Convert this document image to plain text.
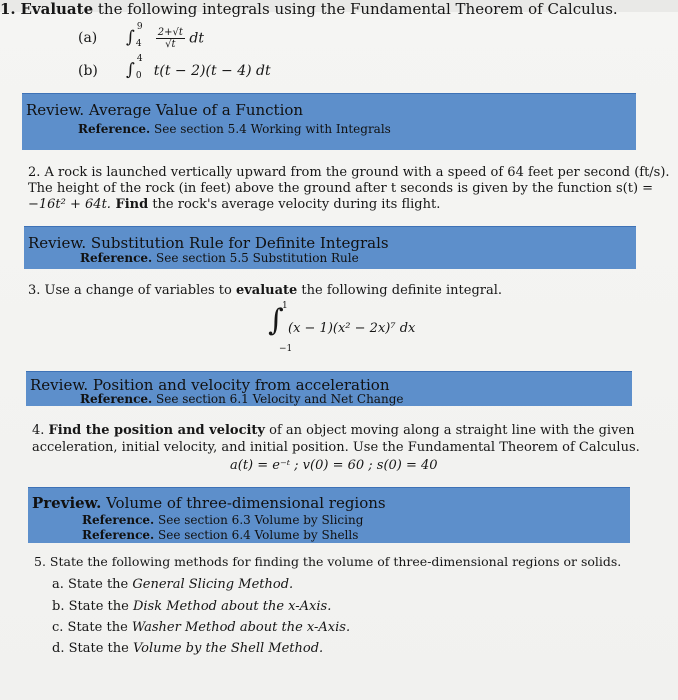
1. Evaluate the following integrals using the Fundamental Theorem of Calculus.
(a) ∫
9
4
$\frac{2+√t}{√t}$ dt
(b) ∫
4
0 t(t − 2)(t − 4) dt
Review. Average Value of a Function
Reference. See section 5.4 Working with Integrals
2. A rock is launched vertically upward from the ground with a speed of 64 feet per second (ft/s).
The height of the rock (in feet) above the ground after t seconds is given by the function s(t) =
−16t² + 64t. Find the rock's average velocity during its flight.
Review. Substitution Rule for Definite Integrals
Reference. See section 5.5 Substitution Rule
3. Use a change of variables to evaluate the following definite integral.
1
∫ (x − 1)(x² − 2x)⁷ dx
−1
Review. Position and velocity from acceleration
Reference. See section 6.1 Velocity and Net Change
4. Find the position and velocity of an object moving along a straight line with the given
acceleration, initial velocity, and initial position. Use the Fundamental Theorem of Calculus.
a(t) = e⁻ᵗ ; v(0) = 60 ; s(0) = 40
Preview. Volume of three-dimensional regions
Reference. See section 6.3 Volume by Slicing
Reference. See section 6.4 Volume by Shells
5. State the following methods for finding the volume of three-dimensional regions or solids.
a. State the General Slicing Method.
b. State the Disk Method about the x-Axis.
c. State the Washer Method about the x-Axis.
d. State the Volume by the Shell Method.
